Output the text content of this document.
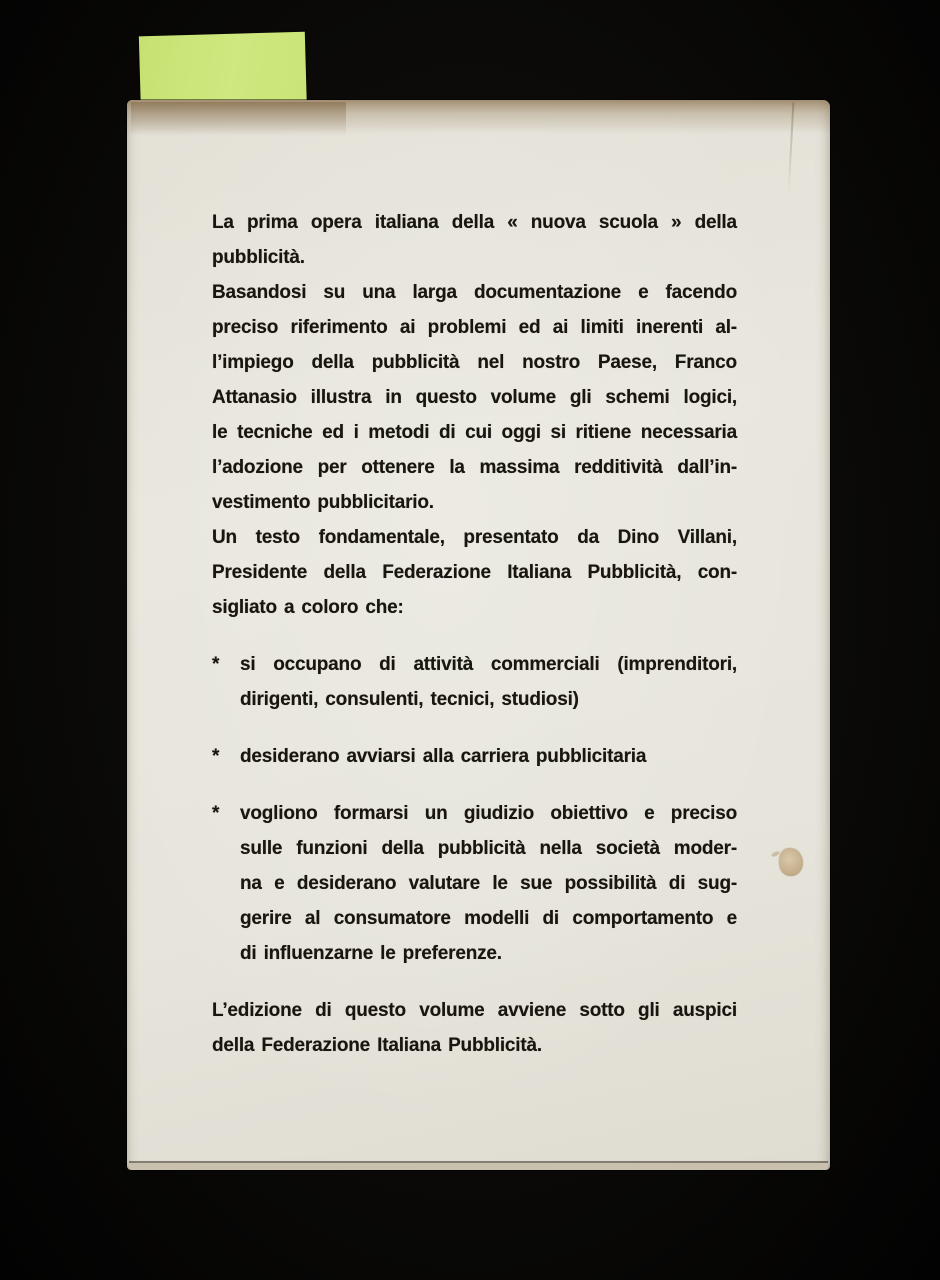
La prima opera italiana della « nuova scuola » della
pubblicità.
Basandosi su una larga documentazione e facendo
preciso riferimento ai problemi ed ai limiti inerenti al-
l’impiego della pubblicità nel nostro Paese, Franco
Attanasio illustra in questo volume gli schemi logici,
le tecniche ed i metodi di cui oggi si ritiene necessaria
l’adozione per ottenere la massima redditività dall’in-
vestimento pubblicitario.
Un testo fondamentale, presentato da Dino Villani,
Presidente della Federazione Italiana Pubblicità, con-
sigliato a coloro che:
*	si occupano di attività commerciali (imprenditori,
dirigenti, consulenti, tecnici, studiosi)
*	desiderano avviarsi alla carriera pubblicitaria
*	vogliono formarsi un giudizio obiettivo e preciso
sulle funzioni della pubblicità nella società moder-
na e desiderano valutare le sue possibilità di sug-
gerire al consumatore modelli di comportamento e
di influenzarne le preferenze.
L’edizione di questo volume avviene sotto gli auspici
della Federazione Italiana Pubblicità.
